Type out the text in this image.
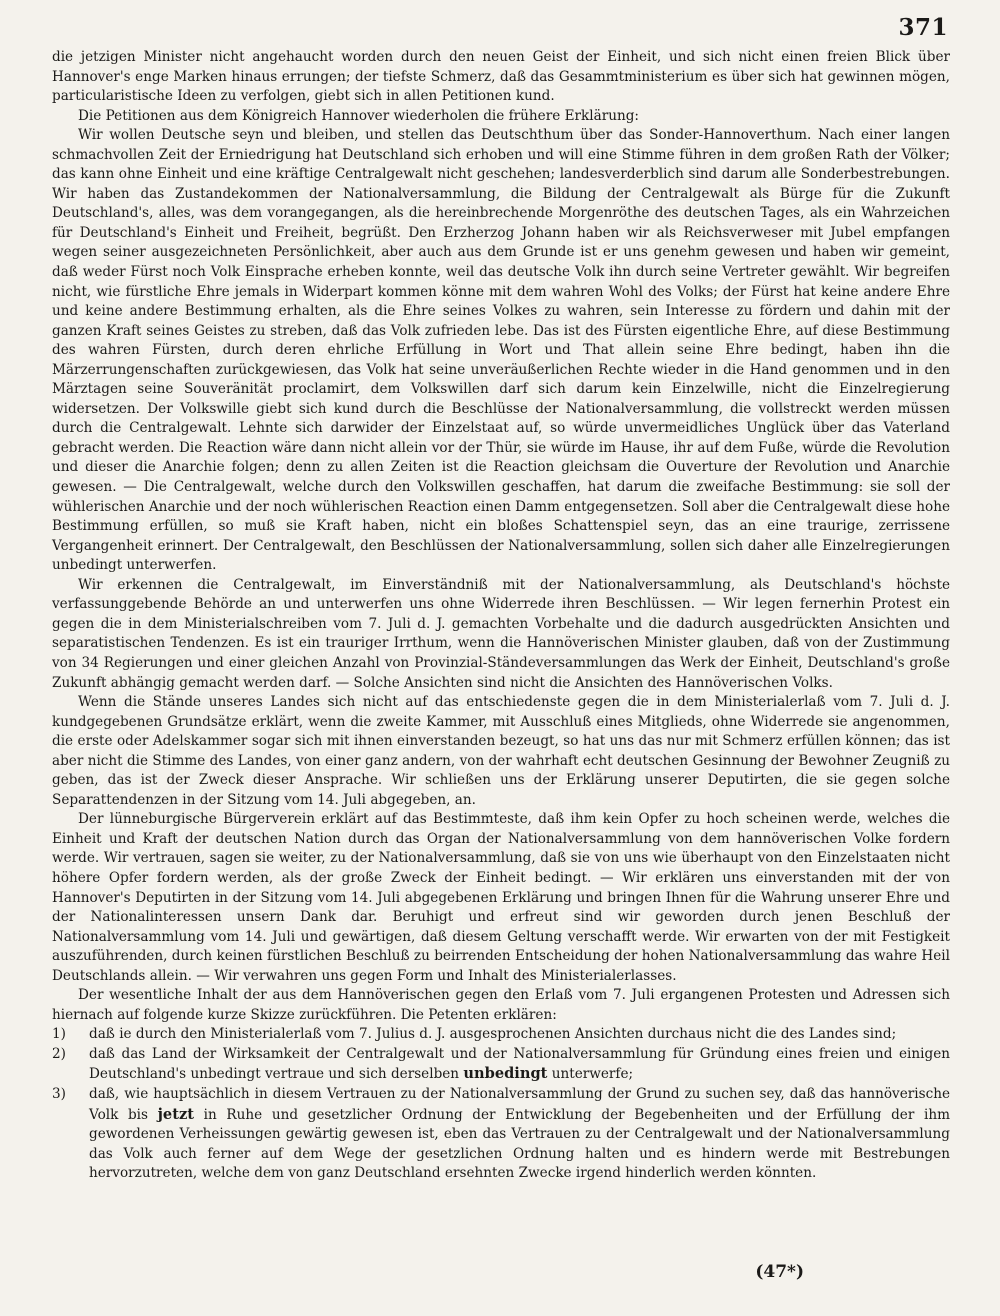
371

die jetzigen Minister nicht angehaucht worden durch den neuen Geist der Einheit, und sich nicht einen freien Blick über Hannover's enge Marken hinaus errungen; der tiefste Schmerz, daß das Gesammtministerium es über sich hat gewinnen mögen, particularistische Ideen zu verfolgen, giebt sich in allen Petitionen kund.

Die Petitionen aus dem Königreich Hannover wiederholen die frühere Erklärung:

Wir wollen Deutsche seyn und bleiben, und stellen das Deutschthum über das Sonder-Hannoverthum. Nach einer langen schmachvollen Zeit der Erniedrigung hat Deutschland sich erhoben und will eine Stimme führen in dem großen Rath der Völker; das kann ohne Einheit und eine kräftige Centralgewalt nicht geschehen; landesverderblich sind darum alle Sonderbestrebungen. Wir haben das Zustandekommen der Nationalversammlung, die Bildung der Centralgewalt als Bürge für die Zukunft Deutschland's, alles, was dem vorangegangen, als die hereinbrechende Morgenröthe des deutschen Tages, als ein Wahrzeichen für Deutschland's Einheit und Freiheit, begrüßt. Den Erzherzog Johann haben wir als Reichsverweser mit Jubel empfangen wegen seiner ausgezeichneten Persönlichkeit, aber auch aus dem Grunde ist er uns genehm gewesen und haben wir gemeint, daß weder Fürst noch Volk Einsprache erheben konnte, weil das deutsche Volk ihn durch seine Vertreter gewählt. Wir begreifen nicht, wie fürstliche Ehre jemals in Widerpart kommen könne mit dem wahren Wohl des Volks; der Fürst hat keine andere Ehre und keine andere Bestimmung erhalten, als die Ehre seines Volkes zu wahren, sein Interesse zu fördern und dahin mit der ganzen Kraft seines Geistes zu streben, daß das Volk zufrieden lebe. Das ist des Fürsten eigentliche Ehre, auf diese Bestimmung des wahren Fürsten, durch deren ehrliche Erfüllung in Wort und That allein seine Ehre bedingt, haben ihn die Märzerrungenschaften zurückgewiesen, das Volk hat seine unveräußerlichen Rechte wieder in die Hand genommen und in den Märztagen seine Souveränität proclamirt, dem Volkswillen darf sich darum kein Einzelwille, nicht die Einzelregierung widersetzen. Der Volkswille giebt sich kund durch die Beschlüsse der Nationalversammlung, die vollstreckt werden müssen durch die Centralgewalt. Lehnte sich darwider der Einzelstaat auf, so würde unvermeidliches Unglück über das Vaterland gebracht werden. Die Reaction wäre dann nicht allein vor der Thür, sie würde im Hause, ihr auf dem Fuße, würde die Revolution und dieser die Anarchie folgen; denn zu allen Zeiten ist die Reaction gleichsam die Ouverture der Revolution und Anarchie gewesen. — Die Centralgewalt, welche durch den Volkswillen geschaffen, hat darum die zweifache Bestimmung: sie soll der wühlerischen Anarchie und der noch wühlerischen Reaction einen Damm entgegensetzen. Soll aber die Centralgewalt diese hohe Bestimmung erfüllen, so muß sie Kraft haben, nicht ein bloßes Schattenspiel seyn, das an eine traurige, zerrissene Vergangenheit erinnert. Der Centralgewalt, den Beschlüssen der Nationalversammlung, sollen sich daher alle Einzelregierungen unbedingt unterwerfen.

Wir erkennen die Centralgewalt, im Einverständniß mit der Nationalversammlung, als Deutschland's höchste verfassunggebende Behörde an und unterwerfen uns ohne Widerrede ihren Beschlüssen. — Wir legen fernerhin Protest ein gegen die in dem Ministerialschreiben vom 7. Juli d. J. gemachten Vorbehalte und die dadurch ausgedrückten Ansichten und separatistischen Tendenzen. Es ist ein trauriger Irrthum, wenn die Hannöverischen Minister glauben, daß von der Zustimmung von 34 Regierungen und einer gleichen Anzahl von Provinzial-Ständeversammlungen das Werk der Einheit, Deutschland's große Zukunft abhängig gemacht werden darf. — Solche Ansichten sind nicht die Ansichten des Hannöverischen Volks.

Wenn die Stände unseres Landes sich nicht auf das entschiedenste gegen die in dem Ministerialerlaß vom 7. Juli d. J. kundgegebenen Grundsätze erklärt, wenn die zweite Kammer, mit Ausschluß eines Mitglieds, ohne Widerrede sie angenommen, die erste oder Adelskammer sogar sich mit ihnen einverstanden bezeugt, so hat uns das nur mit Schmerz erfüllen können; das ist aber nicht die Stimme des Landes, von einer ganz andern, von der wahrhaft echt deutschen Gesinnung der Bewohner Zeugniß zu geben, das ist der Zweck dieser Ansprache. Wir schließen uns der Erklärung unserer Deputirten, die sie gegen solche Separattendenzen in der Sitzung vom 14. Juli abgegeben, an.

Der lünneburgische Bürgerverein erklärt auf das Bestimmteste, daß ihm kein Opfer zu hoch scheinen werde, welches die Einheit und Kraft der deutschen Nation durch das Organ der Nationalversammlung von dem hannöverischen Volke fordern werde. Wir vertrauen, sagen sie weiter, zu der Nationalversammlung, daß sie von uns wie überhaupt von den Einzelstaaten nicht höhere Opfer fordern werden, als der große Zweck der Einheit bedingt. — Wir erklären uns einverstanden mit der von Hannover's Deputirten in der Sitzung vom 14. Juli abgegebenen Erklärung und bringen Ihnen für die Wahrung unserer Ehre und der Nationalinteressen unsern Dank dar. Beruhigt und erfreut sind wir geworden durch jenen Beschluß der Nationalversammlung vom 14. Juli und gewärtigen, daß diesem Geltung verschafft werde. Wir erwarten von der mit Festigkeit auszuführenden, durch keinen fürstlichen Beschluß zu beirrenden Entscheidung der hohen Nationalversammlung das wahre Heil Deutschlands allein. — Wir verwahren uns gegen Form und Inhalt des Ministerialerlasses.

Der wesentliche Inhalt der aus dem Hannöverischen gegen den Erlaß vom 7. Juli ergangenen Protesten und Adressen sich hiernach auf folgende kurze Skizze zurückführen. Die Petenten erklären:

1)	daß ie durch den Ministerialerlaß vom 7. Julius d. J. ausgesprochenen Ansichten durchaus nicht die des Landes sind;
2)	daß das Land der Wirksamkeit der Centralgewalt und der Nationalversammlung für Gründung eines freien und einigen Deutschland's unbedingt vertraue und sich derselben unbedingt unterwerfe;
3)	daß, wie hauptsächlich in diesem Vertrauen zu der Nationalversammlung der Grund zu suchen sey, daß das hannöverische Volk bis jetzt in Ruhe und gesetzlicher Ordnung der Entwicklung der Begebenheiten und der Erfüllung der ihm gewordenen Verheissungen gewärtig gewesen ist, eben das Vertrauen zu der Centralgewalt und der Nationalversammlung das Volk auch ferner auf dem Wege der gesetzlichen Ordnung halten und es hindern werde mit Bestrebungen hervorzutreten, welche dem von ganz Deutschland ersehnten Zwecke irgend hinderlich werden könnten.
(47*)
